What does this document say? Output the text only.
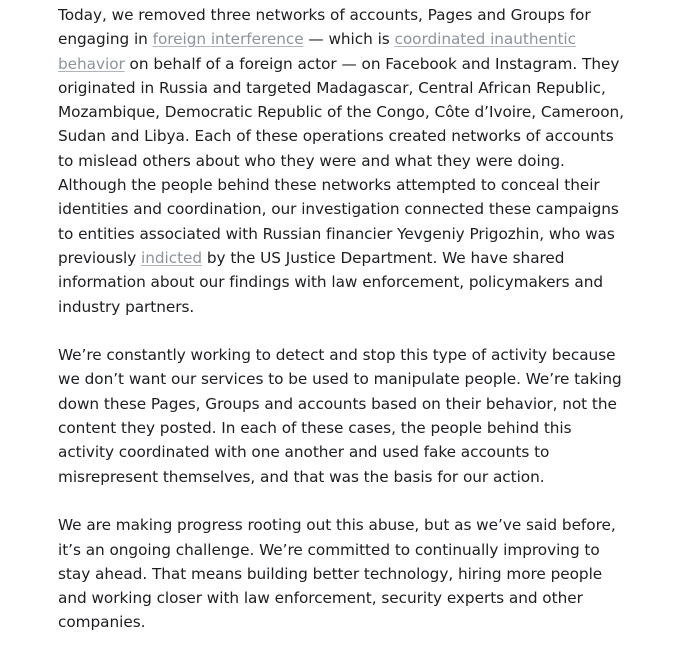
Today, we removed three networks of accounts, Pages and Groups for engaging in foreign interference — which is coordinated inauthentic behavior on behalf of a foreign actor — on Facebook and Instagram. They originated in Russia and targeted Madagascar, Central African Republic, Mozambique, Democratic Republic of the Congo, Côte d’Ivoire, Cameroon, Sudan and Libya. Each of these operations created networks of accounts to mislead others about who they were and what they were doing. Although the people behind these networks attempted to conceal their identities and coordination, our investigation connected these campaigns to entities associated with Russian financier Yevgeniy Prigozhin, who was previously indicted by the US Justice Department. We have shared information about our findings with law enforcement, policymakers and industry partners.

We’re constantly working to detect and stop this type of activity because we don’t want our services to be used to manipulate people. We’re taking down these Pages, Groups and accounts based on their behavior, not the content they posted. In each of these cases, the people behind this activity coordinated with one another and used fake accounts to misrepresent themselves, and that was the basis for our action.

We are making progress rooting out this abuse, but as we’ve said before, it’s an ongoing challenge. We’re committed to continually improving to stay ahead. That means building better technology, hiring more people and working closer with law enforcement, security experts and other companies.
